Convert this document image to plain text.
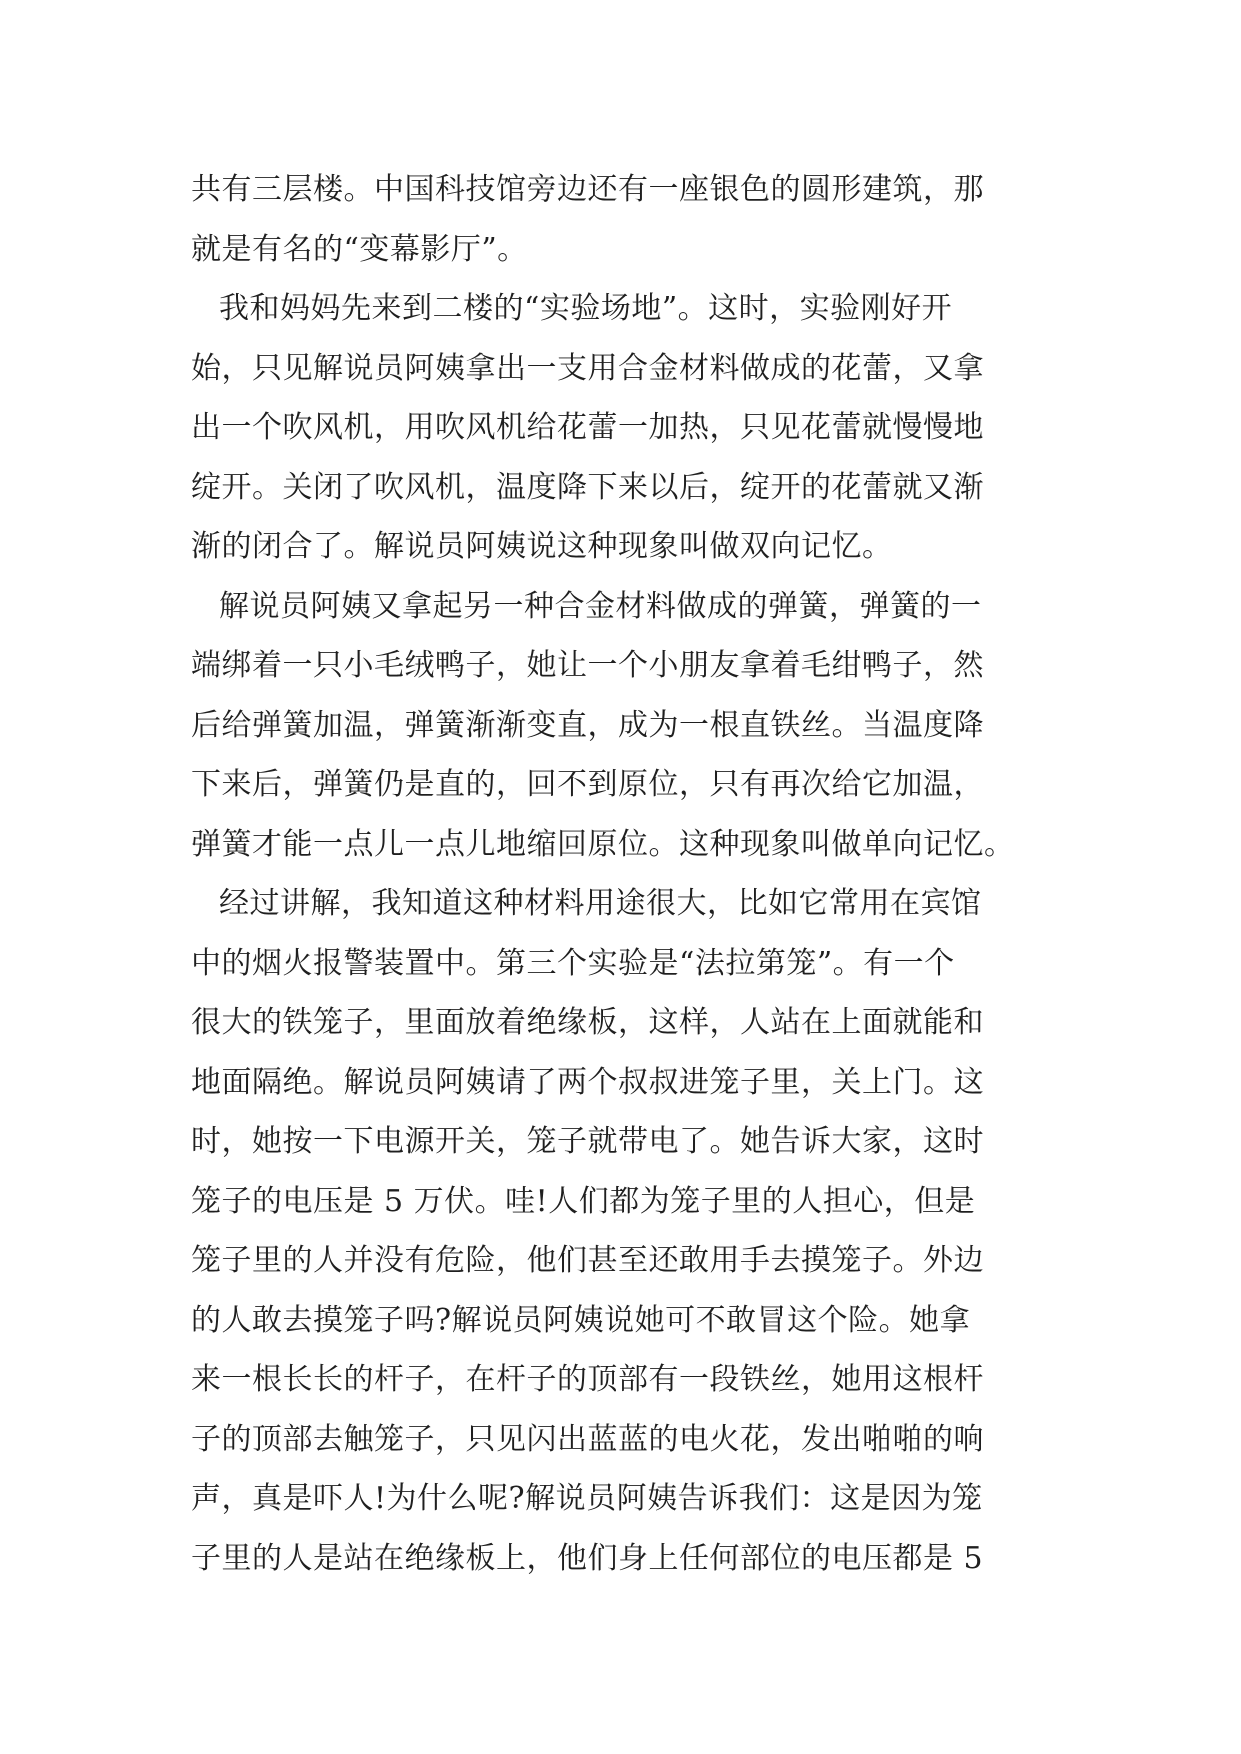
共有三层楼。中国科技馆旁边还有一座银色的圆形建筑，那
就是有名的“变幕影厅”。
我和妈妈先来到二楼的“实验场地”。这时，实验刚好开
始，只见解说员阿姨拿出一支用合金材料做成的花蕾，又拿
出一个吹风机，用吹风机给花蕾一加热，只见花蕾就慢慢地
绽开。关闭了吹风机，温度降下来以后，绽开的花蕾就又渐
渐的闭合了。解说员阿姨说这种现象叫做双向记忆。
解说员阿姨又拿起另一种合金材料做成的弹簧，弹簧的一
端绑着一只小毛绒鸭子，她让一个小朋友拿着毛绀鸭子，然
后给弹簧加温，弹簧渐渐变直，成为一根直铁丝。当温度降
下来后，弹簧仍是直的，回不到原位，只有再次给它加温，
弹簧才能一点儿一点儿地缩回原位。这种现象叫做单向记忆。
经过讲解，我知道这种材料用途很大，比如它常用在宾馆
中的烟火报警装置中。第三个实验是“法拉第笼”。有一个
很大的铁笼子，里面放着绝缘板，这样，人站在上面就能和
地面隔绝。解说员阿姨请了两个叔叔进笼子里，关上门。这
时，她按一下电源开关，笼子就带电了。她告诉大家，这时
笼子的电压是 5 万伏。哇!人们都为笼子里的人担心，但是
笼子里的人并没有危险，他们甚至还敢用手去摸笼子。外边
的人敢去摸笼子吗?解说员阿姨说她可不敢冒这个险。她拿
来一根长长的杆子，在杆子的顶部有一段铁丝，她用这根杆
子的顶部去触笼子，只见闪出蓝蓝的电火花，发出啪啪的响
声，真是吓人!为什么呢?解说员阿姨告诉我们：这是因为笼
子里的人是站在绝缘板上，他们身上任何部位的电压都是 5
